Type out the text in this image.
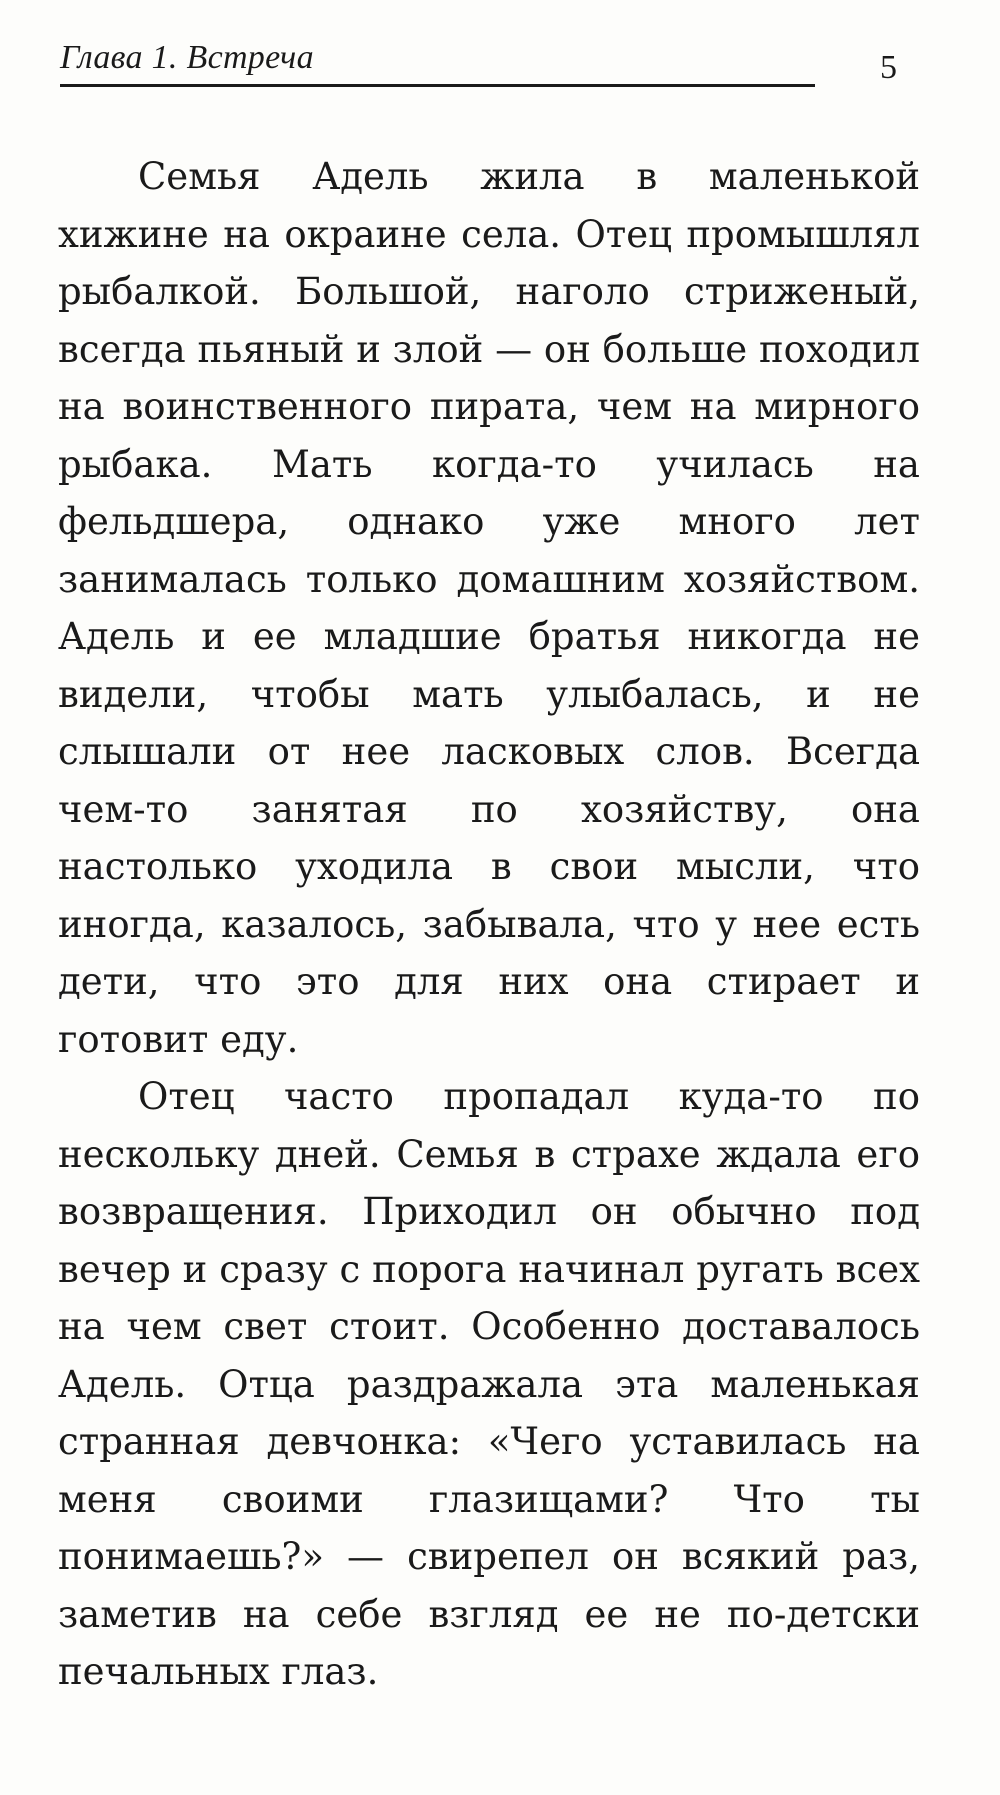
Глава 1. Встреча	5

Семья Адель жила в маленькой хижине на окраине села. Отец промышлял рыбалкой. Большой, наголо стриженый, всегда пьяный и злой — он больше походил на воинственного пирата, чем на мирного рыбака. Мать когда-то училась на фельдшера, однако уже много лет занималась только домашним хозяйством. Адель и ее младшие братья никогда не видели, чтобы мать улыбалась, и не слышали от нее ласковых слов. Всегда чем-то занятая по хозяйству, она настолько уходила в свои мысли, что иногда, казалось, забывала, что у нее есть дети, что это для них она стирает и готовит еду.

Отец часто пропадал куда-то по нескольку дней. Семья в страхе ждала его возвращения. Приходил он обычно под вечер и сразу с порога начинал ругать всех на чем свет стоит. Особенно доставалось Адель. Отца раздражала эта маленькая странная девчонка: «Чего уставилась на меня своими глазищами? Что ты понимаешь?» — свирепел он всякий раз, заметив на себе взгляд ее не по-детски печальных глаз.
